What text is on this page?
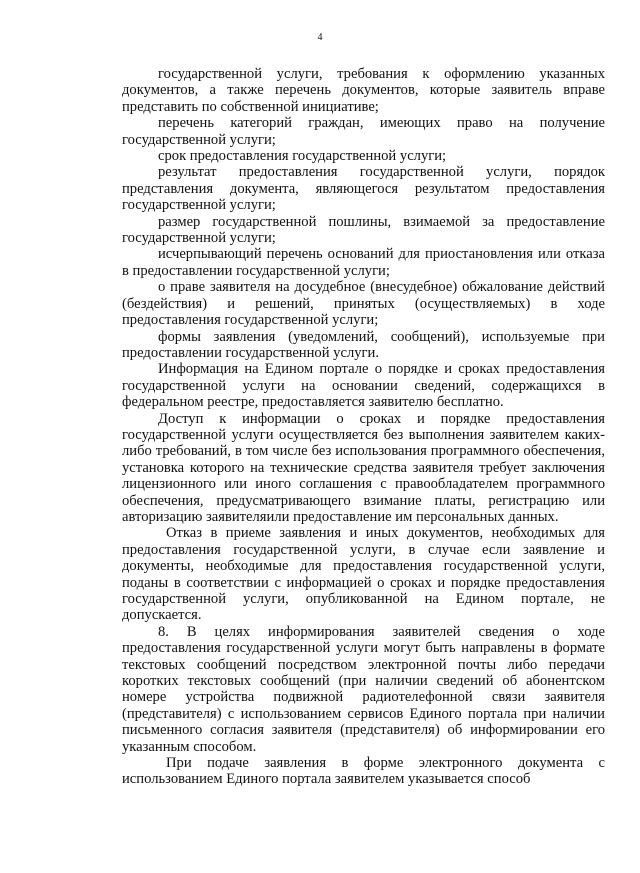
4

государственной услуги, требования к оформлению указанных документов, а также перечень документов, которые заявитель вправе представить по собственной инициативе;

перечень категорий граждан, имеющих право на получение государственной услуги;

срок предоставления государственной услуги;

результат предоставления государственной услуги, порядок представления документа, являющегося результатом предоставления государственной услуги;

размер государственной пошлины, взимаемой за предоставление государственной услуги;

исчерпывающий перечень оснований для приостановления или отказа в предоставлении государственной услуги;

о праве заявителя на досудебное (внесудебное) обжалование действий (бездействия) и решений, принятых (осуществляемых) в ходе предоставления государственной услуги;

формы заявления (уведомлений, сообщений), используемые при предоставлении государственной услуги.

Информация на Едином портале о порядке и сроках предоставления государственной услуги на основании сведений, содержащихся в федеральном реестре, предоставляется заявителю бесплатно.

Доступ к информации о сроках и порядке предоставления государственной услуги осуществляется без выполнения заявителем каких-либо требований, в том числе без использования программного обеспечения, установка которого на технические средства заявителя требует заключения лицензионного или иного соглашения с правообладателем программного обеспечения, предусматривающего взимание платы, регистрацию или авторизацию заявителяили предоставление им персональных данных.

Отказ в приеме заявления и иных документов, необходимых для предоставления государственной услуги, в случае если заявление и документы, необходимые для предоставления государственной услуги, поданы в соответствии с информацией о сроках и порядке предоставления государственной услуги, опубликованной на Едином портале, не допускается.

8. В целях информирования заявителей сведения о ходе предоставления государственной услуги могут быть направлены в формате текстовых сообщений посредством электронной почты либо передачи коротких текстовых сообщений (при наличии сведений об абонентском номере устройства подвижной радиотелефонной связи заявителя (представителя) с использованием сервисов Единого портала при наличии письменного согласия заявителя (представителя) об информировании его указанным способом.

При подаче заявления в форме электронного документа с использованием Единого портала заявителем указывается способ
